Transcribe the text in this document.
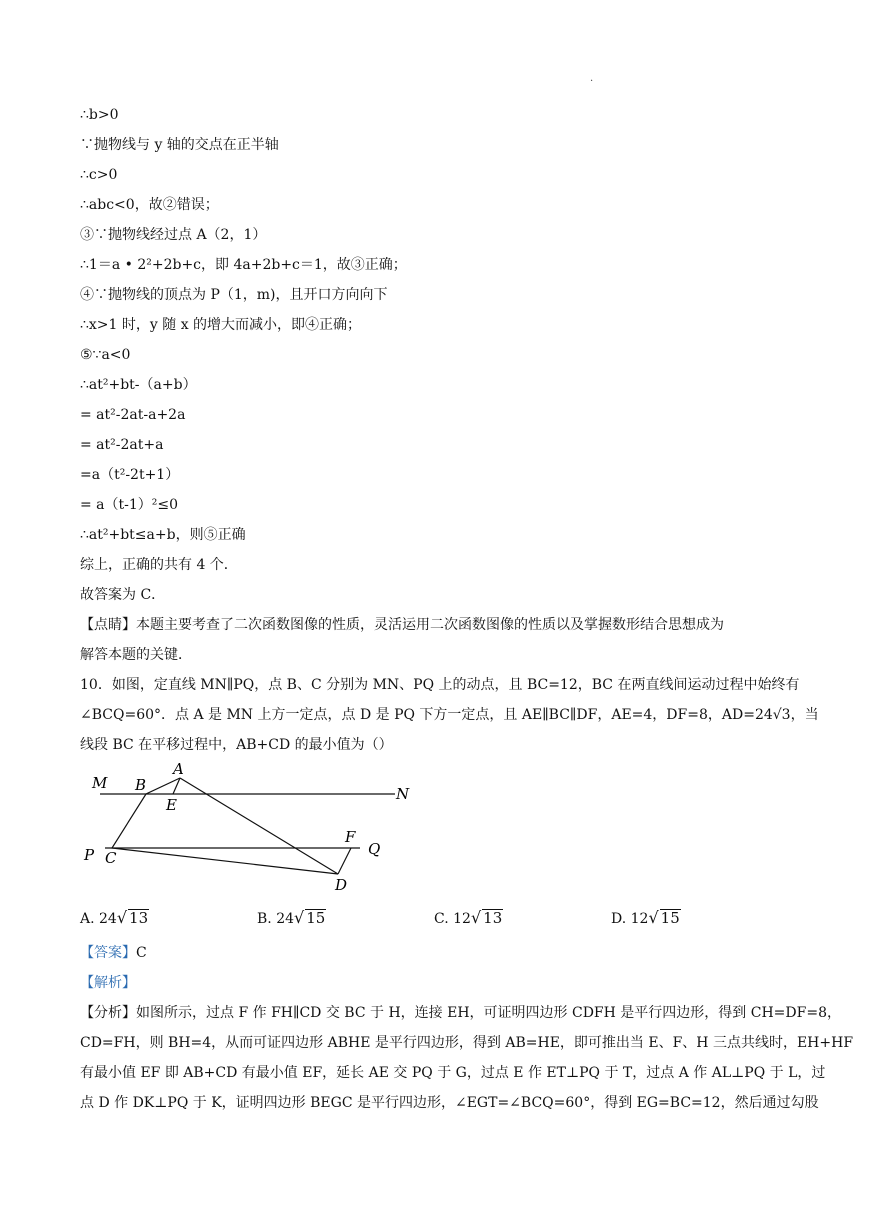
.
∴b>0
∵抛物线与 y 轴的交点在正半轴
∴c>0
∴abc<0，故②错误；
③∵抛物线经过点 A（2，1）
∴1＝a • 2²+2b+c，即 4a+2b+c＝1，故③正确；
④∵抛物线的顶点为 P（1，m)，且开口方向向下
∴x>1 时，y 随 x 的增大而减小，即④正确；
⑤∵a<0
∴at²+bt-（a+b）
= at²-2at-a+2a
= at²-2at+a
=a（t²-2t+1）
= a（t-1）²≤0
∴at²+bt≤a+b，则⑤正确
综上，正确的共有 4 个．
故答案为 C．
【点睛】本题主要考查了二次函数图像的性质，灵活运用二次函数图像的性质以及掌握数形结合思想成为
解答本题的关键．
10．如图，定直线 MN∥PQ，点 B、C 分别为 MN、PQ 上的动点，且 BC=12，BC 在两直线间运动过程中始终有
∠BCQ=60°．点 A 是 MN 上方一定点，点 D 是 PQ 下方一定点，且 AE∥BC∥DF，AE=4，DF=8，AD=24√3，当
线段 BC 在平移过程中，AB+CD 的最小值为（）
M B
A
E
N
F
Q
P C
D
A. 24√ 13	B. 24√ 15	C. 12√ 13	D. 12√ 15
【答案】C
【解析】
【分析】如图所示，过点 F 作 FH∥CD 交 BC 于 H，连接 EH，可证明四边形 CDFH 是平行四边形，得到 CH=DF=8，
CD=FH，则 BH=4，从而可证四边形 ABHE 是平行四边形，得到 AB=HE，即可推出当 E、F、H 三点共线时，EH+HF
有最小值 EF 即 AB+CD 有最小值 EF，延长 AE 交 PQ 于 G，过点 E 作 ET⊥PQ 于 T，过点 A 作 AL⊥PQ 于 L，过
点 D 作 DK⊥PQ 于 K，证明四边形 BEGC 是平行四边形，∠EGT=∠BCQ=60°，得到 EG=BC=12，然后通过勾股
